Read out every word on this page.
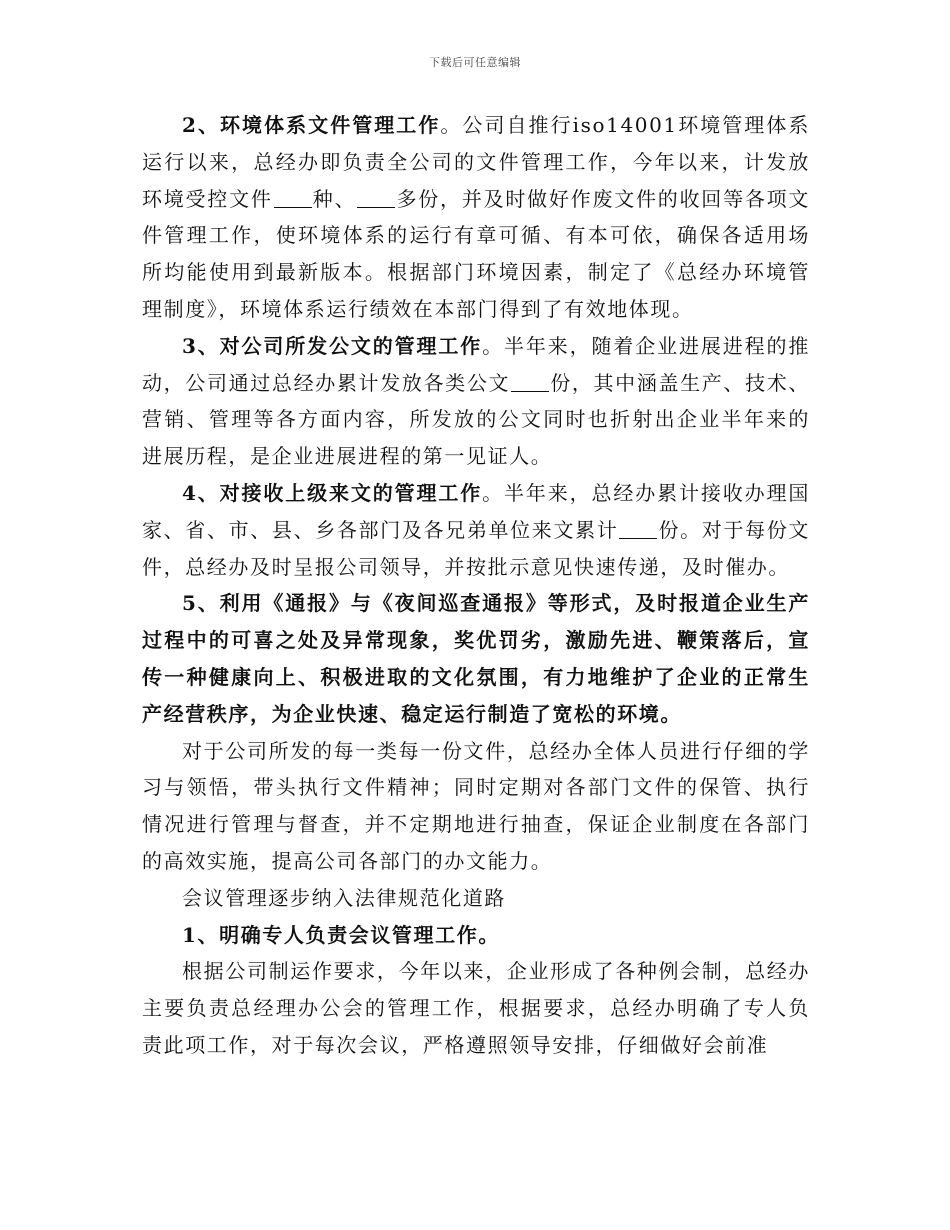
下载后可任意编辑

2、环境体系文件管理工作。公司自推行iso14001环境管理体系运行以来，总经办即负责全公司的文件管理工作，今年以来，计发放环境受控文件 种、 多份，并及时做好作废文件的收回等各项文件管理工作，使环境体系的运行有章可循、有本可依，确保各适用场所均能使用到最新版本。根据部门环境因素，制定了《总经办环境管理制度》，环境体系运行绩效在本部门得到了有效地体现。

3、对公司所发公文的管理工作。半年来，随着企业进展进程的推动，公司通过总经办累计发放各类公文 份，其中涵盖生产、技术、营销、管理等各方面内容，所发放的公文同时也折射出企业半年来的进展历程，是企业进展进程的第一见证人。

4、对接收上级来文的管理工作。半年来，总经办累计接收办理国家、省、市、县、乡各部门及各兄弟单位来文累计 份。对于每份文件，总经办及时呈报公司领导，并按批示意见快速传递，及时催办。

5、利用《通报》与《夜间巡查通报》等形式，及时报道企业生产过程中的可喜之处及异常现象，奖优罚劣，激励先进、鞭策落后，宣传一种健康向上、积极进取的文化氛围，有力地维护了企业的正常生产经营秩序，为企业快速、稳定运行制造了宽松的环境。

对于公司所发的每一类每一份文件，总经办全体人员进行仔细的学习与领悟，带头执行文件精神；同时定期对各部门文件的保管、执行情况进行管理与督查，并不定期地进行抽查，保证企业制度在各部门的高效实施，提高公司各部门的办文能力。

会议管理逐步纳入法律规范化道路

1、明确专人负责会议管理工作。

根据公司制运作要求，今年以来，企业形成了各种例会制，总经办主要负责总经理办公会的管理工作，根据要求，总经办明确了专人负责此项工作，对于每次会议，严格遵照领导安排，仔细做好会前准
